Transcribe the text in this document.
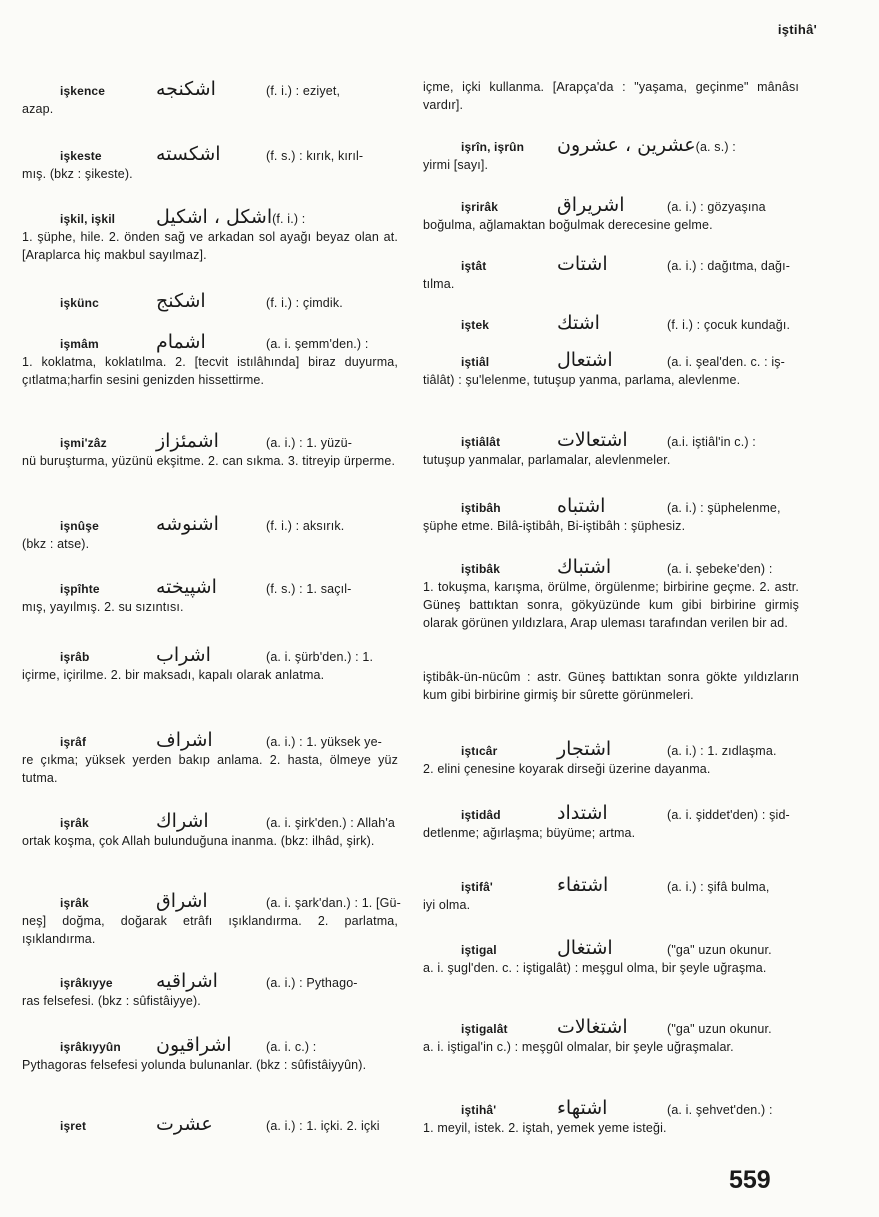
iştihâ'
işkence	اشكنجه	(f. i.) : eziyet,
azap.
işkeste	اشكسته	(f. s.) : kırık, kırıl-
mış. (bkz : şikeste).
işkil, işkil	اشكل ، اشكيل (f. i.) :
1. şüphe, hile. 2. önden sağ ve arkadan sol ayağı beyaz olan at. [Araplarca hiç makbul sayılmaz].
işkünc	اشكنج	(f. i.) : çimdik.
işmâm	اشمام	(a. i. şemm'den.) :
1. koklatma, koklatılma. 2. [tecvit istılâhında] biraz duyurma, çıtlatma;harfin sesini genizden hissettirme.
işmi'zâz	اشمئزاز	(a. i.) : 1. yüzü-
nü buruşturma, yüzünü ekşitme. 2. can sıkma. 3. titreyip ürperme.
işnûşe	اشنوشه	(f. i.) : aksırık.
(bkz : atse).
işpîhte	اشپيخته	(f. s.) : 1. saçıl-
mış, yayılmış. 2. su sızıntısı.
işrâb	اشراب	(a. i. şürb'den.) : 1.
içirme, içirilme. 2. bir maksadı, kapalı olarak anlatma.
işrâf	اشراف	(a. i.) : 1. yüksek ye-
re çıkma; yüksek yerden bakıp anlama. 2. hasta, ölmeye yüz tutma.
işrâk	اشراك	(a. i. şirk'den.) : Allah'a
ortak koşma, çok Allah bulunduğuna inanma. (bkz: ilhâd, şirk).
işrâk	اشراق	(a. i. şark'dan.) : 1. [Gü-
neş] doğma, doğarak etrâfı ışıklandırma. 2. parlatma, ışıklandırma.
işrâkıyye	اشراقيه	(a. i.) : Pythago-
ras felsefesi. (bkz : sûfistâiyye).
işrâkıyyûn	اشراقيون	(a. i. c.) :
Pythagoras felsefesi yolunda bulunanlar. (bkz : sûfistâiyyûn).
işret	عشرت	(a. i.) : 1. içki. 2. içki
içme, içki kullanma. [Arapça'da : "yaşama, geçinme" mânâsı vardır].
işrîn, işrûn	عشرين ، عشرون (a. s.) :
yirmi [sayı].
işrirâk	اشريراق	(a. i.) : gözyaşına
boğulma, ağlamaktan boğulmak derecesine gelme.
iştât	اشتات	(a. i.) : dağıtma, dağı-
tılma.
iştek	اشتك	(f. i.) : çocuk kundağı.
iştiâl	اشتعال	(a. i. şeal'den. c. : iş-
tiâlât) : şu'lelenme, tutuşup yanma, parlama, alevlenme.
iştiâlât	اشتعالات	(a.i. iştiâl'in c.) :
tutuşup yanmalar, parlamalar, alevlenmeler.
iştibâh	اشتباه	(a. i.) : şüphelenme,
şüphe etme. Bilâ-iştibâh, Bi-iştibâh : şüphesiz.
iştibâk	اشتباك	(a. i. şebeke'den) :
1. tokuşma, karışma, örülme, örgülenme; birbirine geçme. 2. astr. Güneş battıktan sonra, gökyüzünde kum gibi birbirine girmiş olarak görünen yıldızlara, Arap uleması tarafından verilen bir ad.
iştibâk-ün-nücûm : astr. Güneş battıktan sonra gökte yıldızların kum gibi birbirine girmiş bir sûrette görünmeleri.
iştıcâr	اشتجار	(a. i.) : 1. zıdlaşma.
2. elini çenesine koyarak dirseği üzerine dayanma.
iştidâd	اشتداد	(a. i. şiddet'den) : şid-
detlenme; ağırlaşma; büyüme; artma.
iştifâ'	اشتفاء	(a. i.) : şifâ bulma,
iyi olma.
iştigal	اشتغال	("ga" uzun okunur.
a. i. şugl'den. c. : iştigalât) : meşgul olma, bir şeyle uğraşma.
iştigalât	اشتغالات	("ga" uzun okunur.
a. i. iştigal'in c.) : meşgûl olmalar, bir şeyle uğraşmalar.
iştihâ'	اشتهاء	(a. i. şehvet'den.) :
1. meyil, istek. 2. iştah, yemek yeme isteği.
559
